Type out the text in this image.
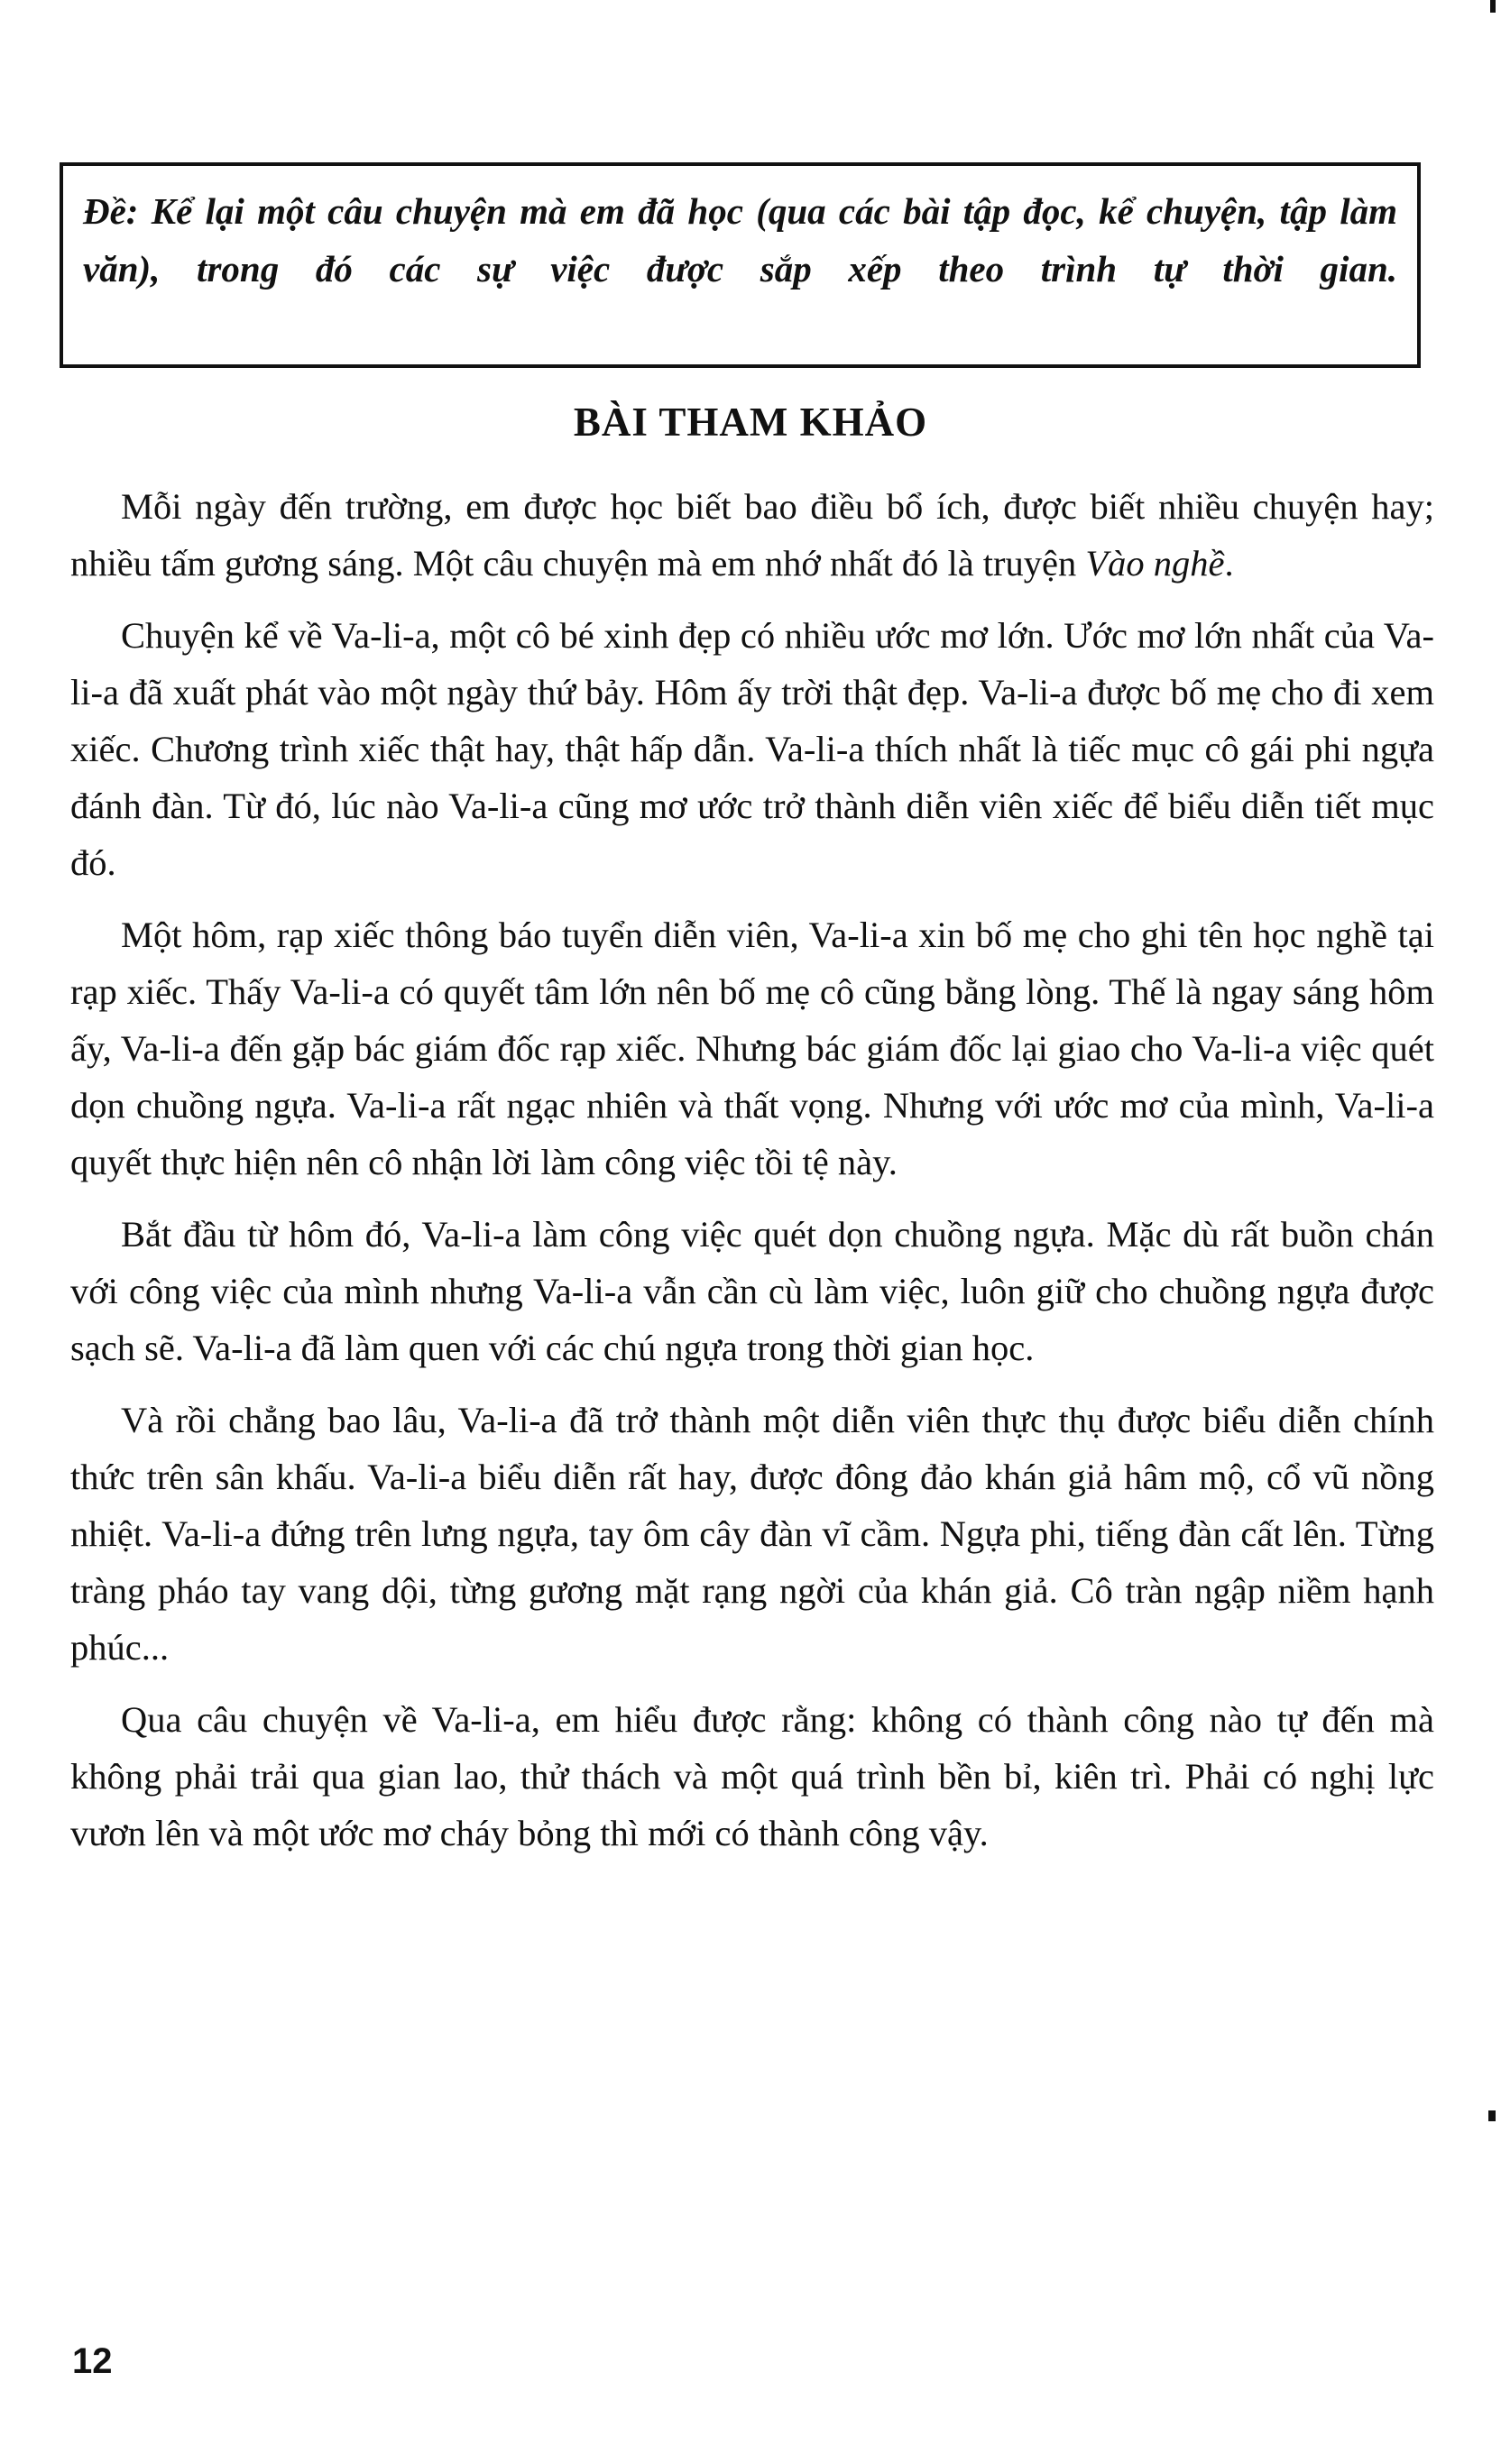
Đề: Kể lại một câu chuyện mà em đã học (qua các bài tập đọc, kể chuyện, tập làm văn), trong đó các sự việc được sắp xếp theo trình tự thời gian.
BÀI THAM KHẢO

Mỗi ngày đến trường, em được học biết bao điều bổ ích, được biết nhiều chuyện hay; nhiều tấm gương sáng. Một câu chuyện mà em nhớ nhất đó là truyện Vào nghề.

Chuyện kể về Va-li-a, một cô bé xinh đẹp có nhiều ước mơ lớn. Ước mơ lớn nhất của Va-li-a đã xuất phát vào một ngày thứ bảy. Hôm ấy trời thật đẹp. Va-li-a được bố mẹ cho đi xem xiếc. Chương trình xiếc thật hay, thật hấp dẫn. Va-li-a thích nhất là tiếc mục cô gái phi ngựa đánh đàn. Từ đó, lúc nào Va-li-a cũng mơ ước trở thành diễn viên xiếc để biểu diễn tiết mục đó.

Một hôm, rạp xiếc thông báo tuyển diễn viên, Va-li-a xin bố mẹ cho ghi tên học nghề tại rạp xiếc. Thấy Va-li-a có quyết tâm lớn nên bố mẹ cô cũng bằng lòng. Thế là ngay sáng hôm ấy, Va-li-a đến gặp bác giám đốc rạp xiếc. Nhưng bác giám đốc lại giao cho Va-li-a việc quét dọn chuồng ngựa. Va-li-a rất ngạc nhiên và thất vọng. Nhưng với ước mơ của mình, Va-li-a quyết thực hiện nên cô nhận lời làm công việc tồi tệ này.

Bắt đầu từ hôm đó, Va-li-a làm công việc quét dọn chuồng ngựa. Mặc dù rất buồn chán với công việc của mình nhưng Va-li-a vẫn cần cù làm việc, luôn giữ cho chuồng ngựa được sạch sẽ. Va-li-a đã làm quen với các chú ngựa trong thời gian học.

Và rồi chẳng bao lâu, Va-li-a đã trở thành một diễn viên thực thụ được biểu diễn chính thức trên sân khấu. Va-li-a biểu diễn rất hay, được đông đảo khán giả hâm mộ, cổ vũ nồng nhiệt. Va-li-a đứng trên lưng ngựa, tay ôm cây đàn vĩ cầm. Ngựa phi, tiếng đàn cất lên. Từng tràng pháo tay vang dội, từng gương mặt rạng ngời của khán giả. Cô tràn ngập niềm hạnh phúc...

Qua câu chuyện về Va-li-a, em hiểu được rằng: không có thành công nào tự đến mà không phải trải qua gian lao, thử thách và một quá trình bền bỉ, kiên trì. Phải có nghị lực vươn lên và một ước mơ cháy bỏng thì mới có thành công vậy.

12
